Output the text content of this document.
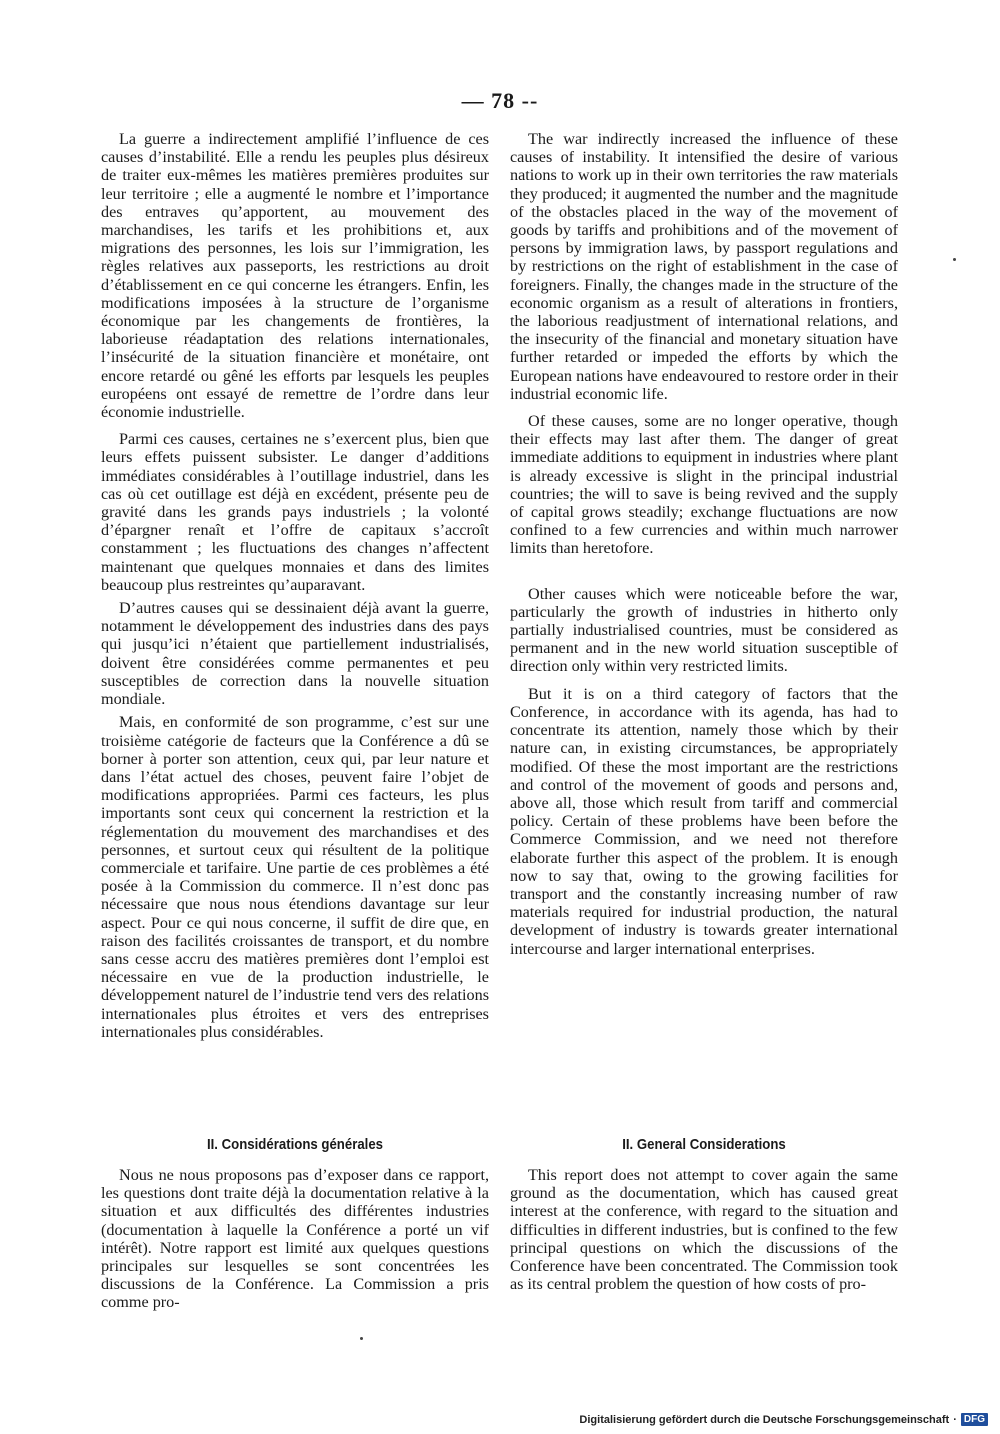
— 78 --

La guerre a indirectement amplifié l’influence de ces causes d’instabilité. Elle a rendu les peuples plus désireux de traiter eux-mêmes les matières premières produites sur leur territoire ; elle a augmenté le nombre et l’importance des entraves qu’apportent, au mouvement des marchandises, les tarifs et les prohibitions et, aux migrations des personnes, les lois sur l’immigration, les règles relatives aux passeports, les restrictions au droit d’établissement en ce qui concerne les étrangers. Enfin, les modifications imposées à la structure de l’organisme économique par les changements de frontières, la laborieuse réadaptation des relations internationales, l’insécurité de la situation financière et monétaire, ont encore retardé ou gêné les efforts par lesquels les peuples européens ont essayé de remettre de l’ordre dans leur économie industrielle.

Parmi ces causes, certaines ne s’exercent plus, bien que leurs effets puissent subsister. Le danger d’additions immédiates considérables à l’outillage industriel, dans les cas où cet outillage est déjà en excédent, présente peu de gravité dans les grands pays industriels ; la volonté d’épargner renaît et l’offre de capitaux s’accroît constamment ; les fluctuations des changes n’affectent maintenant que quelques monnaies et dans des limites beaucoup plus restreintes qu’auparavant.

D’autres causes qui se dessinaient déjà avant la guerre, notamment le développement des industries dans des pays qui jusqu’ici n’étaient que partiellement industrialisés, doivent être considérées comme permanentes et peu susceptibles de correction dans la nouvelle situation mondiale.

Mais, en conformité de son programme, c’est sur une troisième catégorie de facteurs que la Conférence a dû se borner à porter son attention, ceux qui, par leur nature et dans l’état actuel des choses, peuvent faire l’objet de modifications appropriées. Parmi ces facteurs, les plus importants sont ceux qui concernent la restriction et la réglementation du mouvement des marchandises et des personnes, et surtout ceux qui résultent de la politique commerciale et tarifaire. Une partie de ces problèmes a été posée à la Commission du commerce. Il n’est donc pas nécessaire que nous nous étendions davantage sur leur aspect. Pour ce qui nous concerne, il suffit de dire que, en raison des facilités croissantes de transport, et du nombre sans cesse accru des matières premières dont l’emploi est nécessaire en vue de la production industrielle, le développement naturel de l’industrie tend vers des relations internationales plus étroites et vers des entreprises internationales plus considérables.

The war indirectly increased the influence of these causes of instability. It intensified the desire of various nations to work up in their own territories the raw materials they produced; it augmented the number and the magnitude of the obstacles placed in the way of the movement of goods by tariffs and prohibitions and of the movement of persons by immigration laws, by passport regulations and by restrictions on the right of establishment in the case of foreigners. Finally, the changes made in the structure of the economic organism as a result of alterations in frontiers, the laborious readjustment of international relations, and the insecurity of the financial and monetary situation have further retarded or impeded the efforts by which the European nations have endeavoured to restore order in their industrial economic life.

Of these causes, some are no longer operative, though their effects may last after them. The danger of great immediate additions to equipment in industries where plant is already excessive is slight in the principal industrial countries; the will to save is being revived and the supply of capital grows steadily; exchange fluctuations are now confined to a few currencies and within much narrower limits than heretofore.

Other causes which were noticeable before the war, particularly the growth of industries in hitherto only partially industrialised countries, must be considered as permanent and in the new world situation susceptible of direction only within very restricted limits.

But it is on a third category of factors that the Conference, in accordance with its agenda, has had to concentrate its attention, namely those which by their nature can, in existing circumstances, be appropriately modified. Of these the most important are the restrictions and control of the movement of goods and persons and, above all, those which result from tariff and commercial policy. Certain of these problems have been before the Commerce Commission, and we need not therefore elaborate further this aspect of the problem. It is enough now to say that, owing to the growing facilities for transport and the constantly increasing number of raw materials required for industrial production, the natural development of industry is towards greater international intercourse and larger international enterprises.

II. Considérations générales	II. General Considerations

Nous ne nous proposons pas d’exposer dans ce rapport, les questions dont traite déjà la documentation relative à la situation et aux difficultés des différentes industries (documentation à laquelle la Conférence a porté un vif intérêt). Notre rapport est limité aux quelques questions principales sur lesquelles se sont concentrées les discussions de la Conférence. La Commission a pris comme pro-

This report does not attempt to cover again the same ground as the documentation, which has caused great interest at the conference, with regard to the situation and difficulties in different industries, but is confined to the few principal questions on which the discussions of the Conference have been concentrated. The Commission took as its central problem the question of how costs of pro-

Digitalisierung gefördert durch die Deutsche Forschungsgemeinschaft · DFG
